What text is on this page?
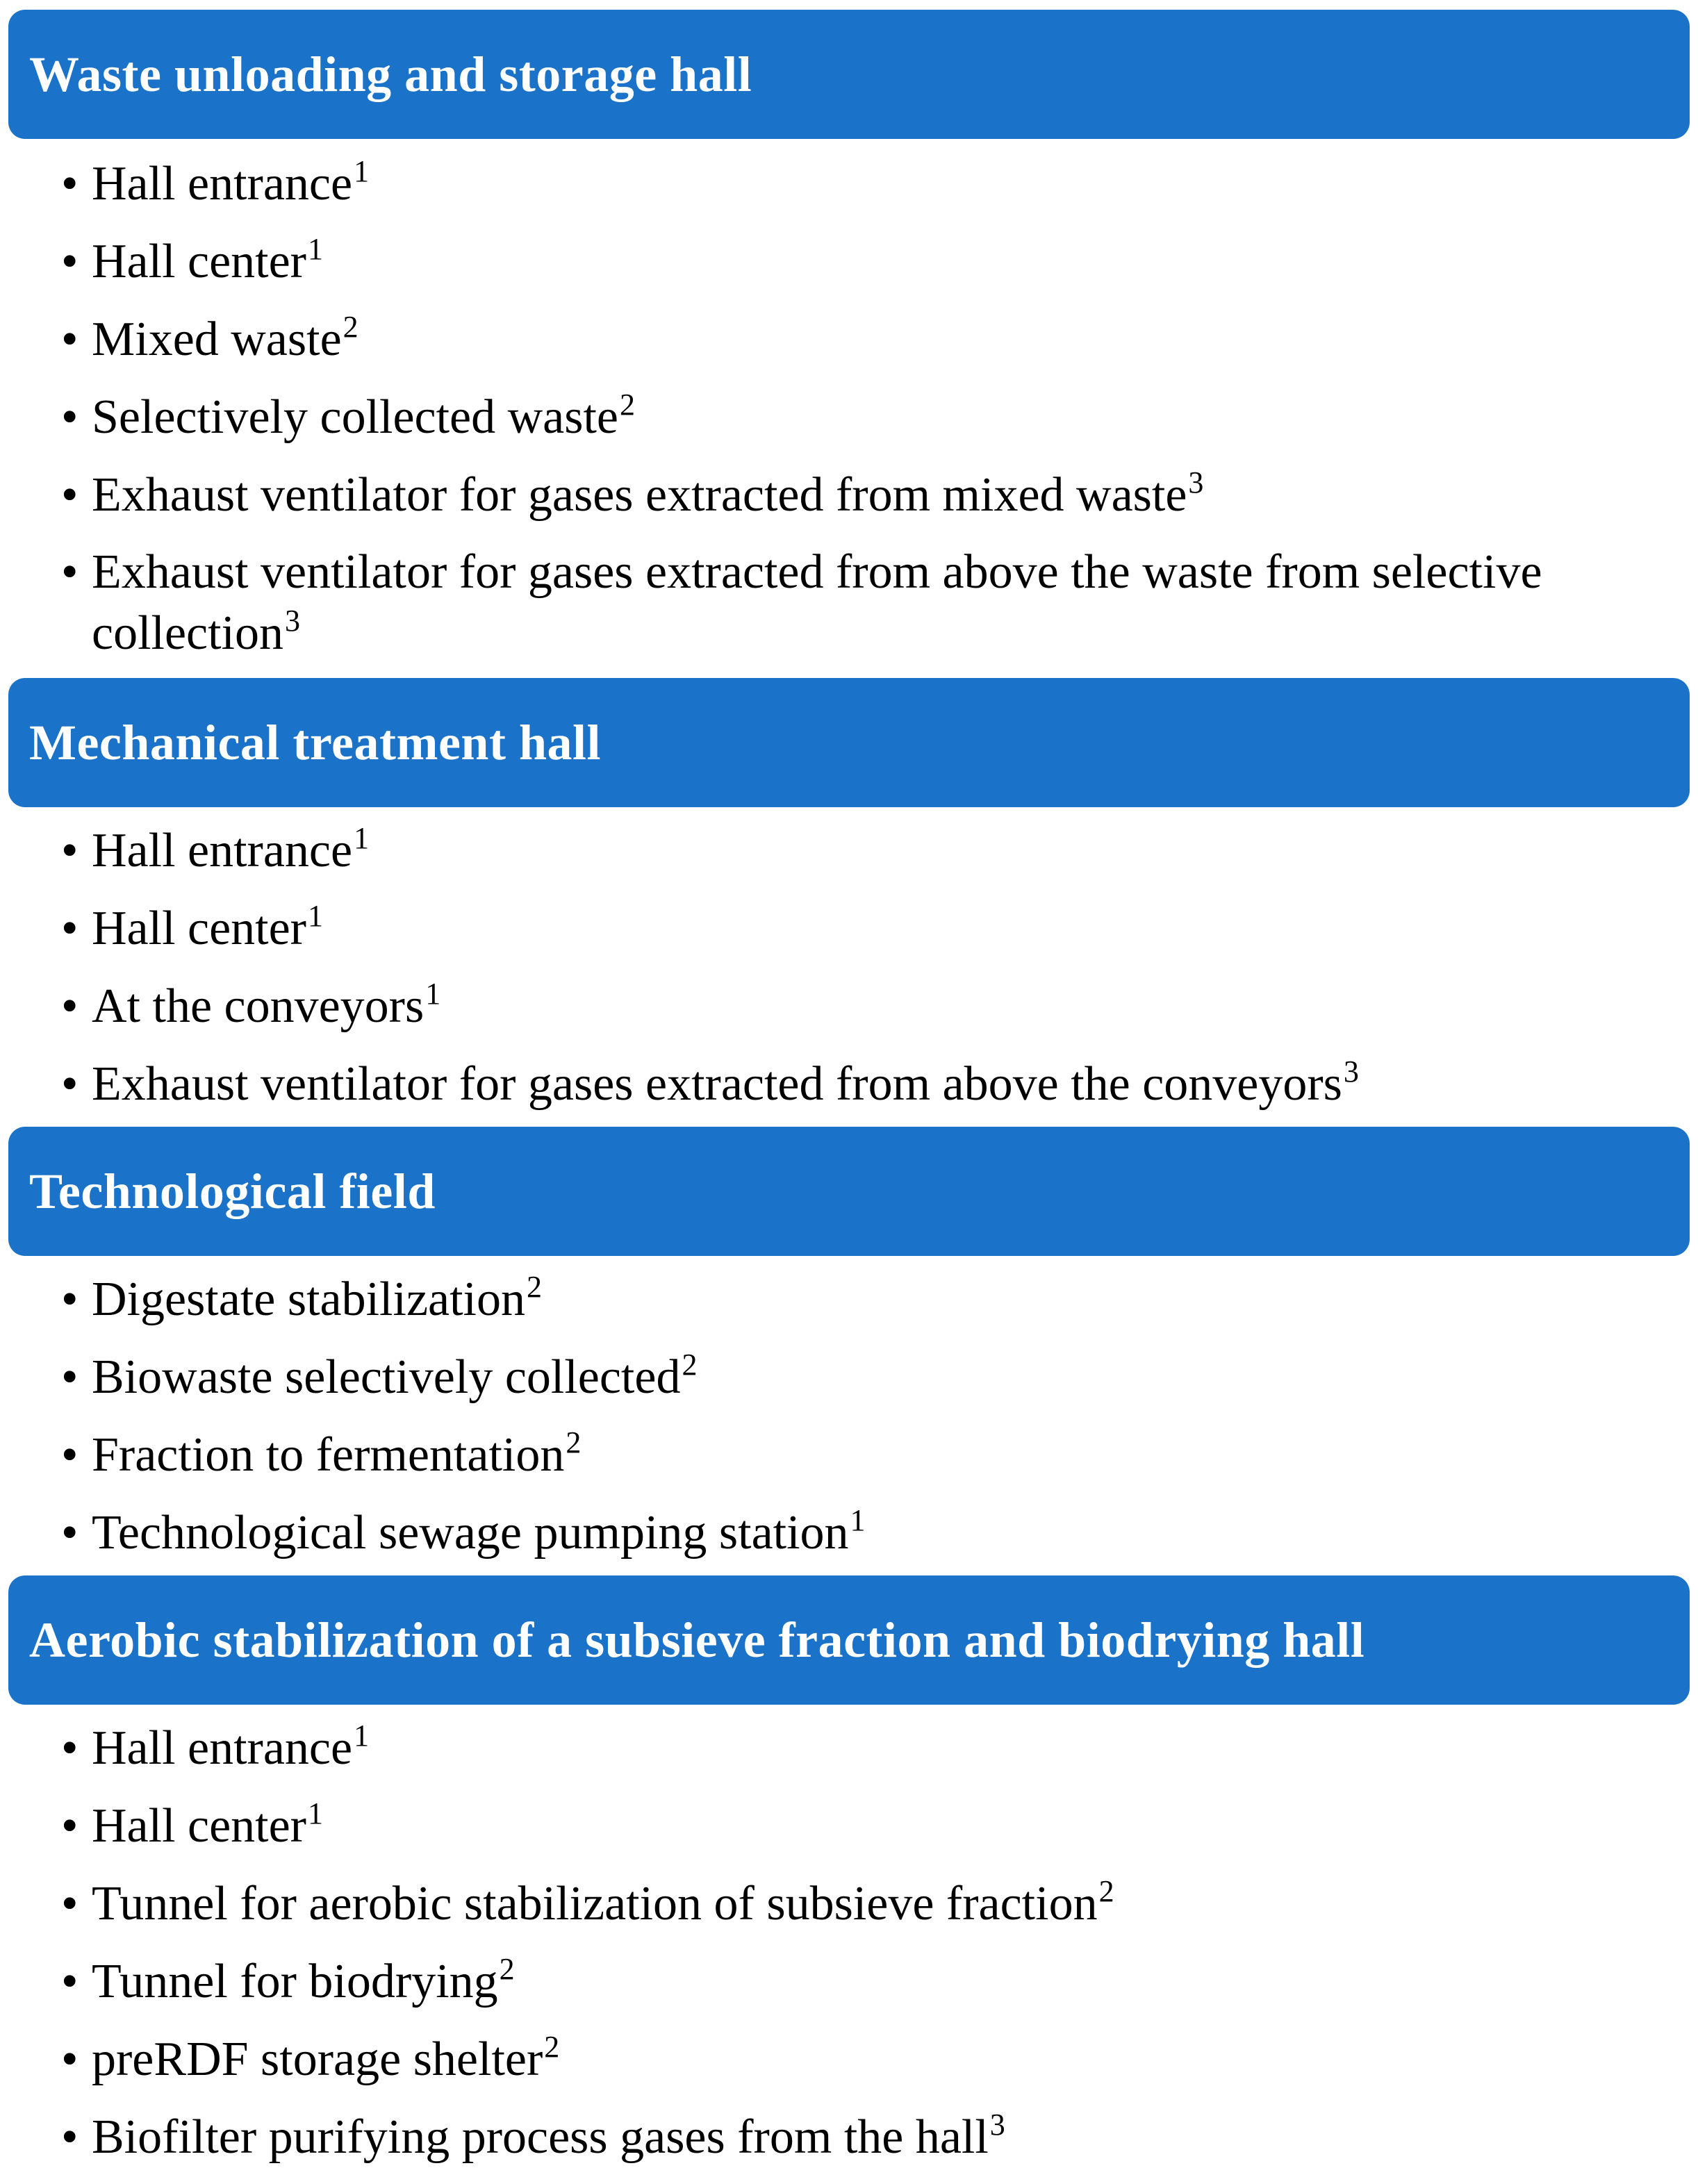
Waste unloading and storage hall
• Hall entrance$^1$
• Hall center$^1$
• Mixed waste$^2$
• Selectively collected waste$^2$
• Exhaust ventilator for gases extracted from mixed waste$^3$
• Exhaust ventilator for gases extracted from above the waste from selective collection$^3$
Mechanical treatment hall
• Hall entrance$^1$
• Hall center$^1$
• At the conveyors$^1$
• Exhaust ventilator for gases extracted from above the conveyors$^3$
Technological field
• Digestate stabilization$^2$
• Biowaste selectively collected$^2$
• Fraction to fermentation$^2$
• Technological sewage pumping station$^1$
Aerobic stabilization of a subsieve fraction and biodrying hall
• Hall entrance$^1$
• Hall center$^1$
• Tunnel for aerobic stabilization of subsieve fraction$^2$
• Tunnel for biodrying$^2$
• preRDF storage shelter$^2$
• Biofilter purifying process gases from the hall$^3$
